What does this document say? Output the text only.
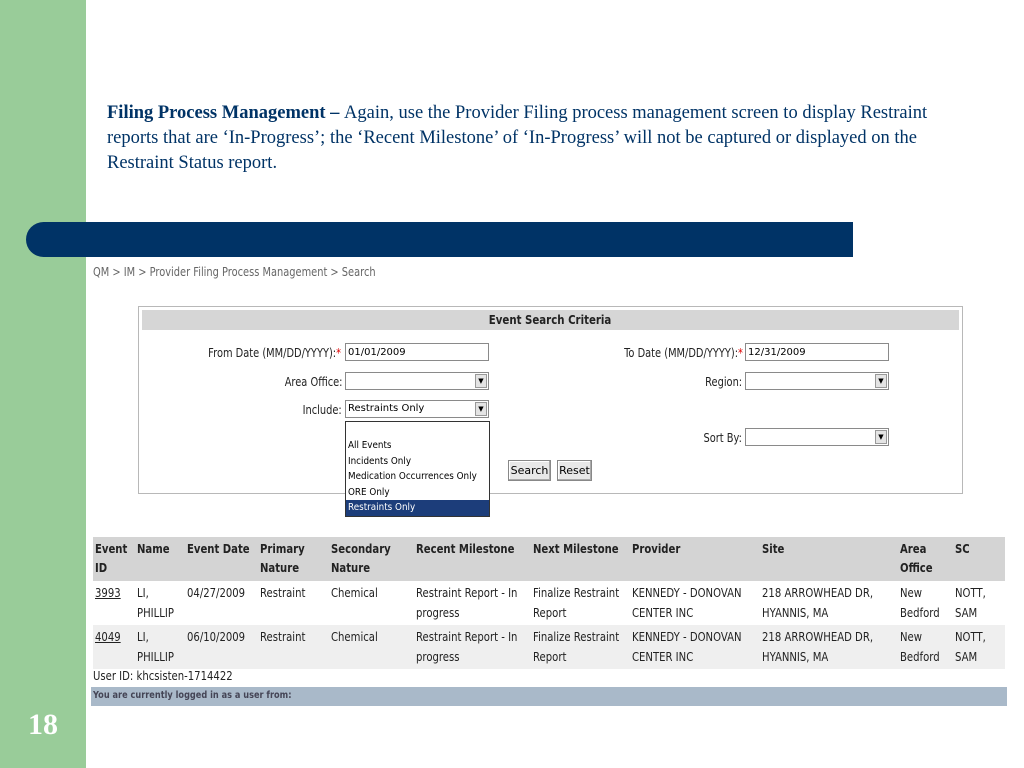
18
Filing Process Management – Again, use the Provider Filing process management screen to display Restraint reports that are ‘In-Progress’; the ‘Recent Milestone’ of ‘In-Progress’ will not be captured or displayed on the Restraint Status report.
QM > IM > Provider Filing Process Management > Search
Event Search Criteria
From Date (MM/DD/YYYY):* 01/01/2009	To Date (MM/DD/YYYY):* 12/31/2009
Area Office:	▼	Region:	▼
Include: Restraints Only	▼
All Events
Incidents Only
Medication Occurrences Only
ORE Only
Restraints Only
Sort By:	▼
Search Reset
Event ID	Name	Event Date	Primary Nature	Secondary Nature	Recent Milestone	Next Milestone	Provider	Site	Area Office	SC

3993	LI, PHILLIP	04/27/2009	Restraint	Chemical	Restraint Report - In progress	Finalize Restraint Report	KENNEDY - DONOVAN CENTER INC	218 ARROWHEAD DR, HYANNIS, MA	New Bedford	NOTT, SAM

4049	LI, PHILLIP	06/10/2009	Restraint	Chemical	Restraint Report - In progress	Finalize Restraint Report	KENNEDY - DONOVAN CENTER INC	218 ARROWHEAD DR, HYANNIS, MA	New Bedford	NOTT, SAM
User ID: khcsisten-1714422
You are currently logged in as a user from:
